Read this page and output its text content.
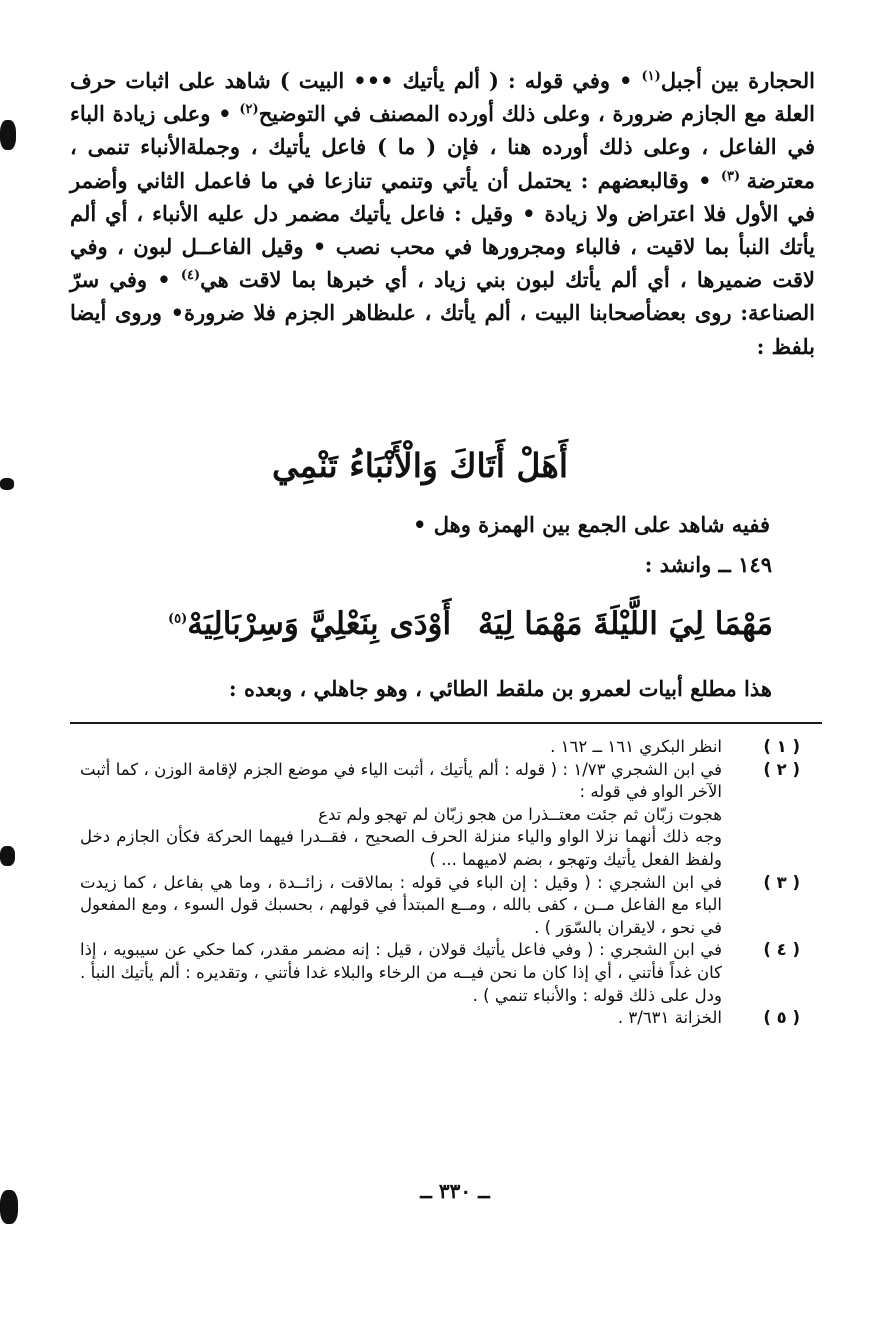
الحجارة بين أجبل$^{(١)}$ • وفي قوله : ( ألم يأتيك ••• البيت ) شاهد على اثبات حرف العلة مع الجازم ضرورة ، وعلى ذلك أورده المصنف في التوضيح$^{(٢)}$ • وعلى زيادة الباء في الفاعل ، وعلى ذلك أورده هنا ، فإن ( ما ) فاعل يأتيك ، وجملةالأنباء تنمى ، معترضة $^{(٣)}$ • وقالبعضهم : يحتمل أن يأتي وتنمي تنازعا في ما فاعمل الثاني وأضمر في الأول فلا اعتراض ولا زيادة • وقيل : فاعل يأتيك مضمر دل عليه الأنباء ، أي ألم يأتك النبأ بما لاقيت ، فالباء ومجرورها في محب نصب • وقيل الفاعــل لبون ، وفي لاقت ضميرها ، أي ألم يأتك لبون بني زياد ، أي خبرها بما لاقت هي$^{(٤)}$ • وفي سرّ الصناعة: روى بعضأصحابنا البيت ، ألم يأتك ، علىظاهر الجزم فلا ضرورة• وروى أيضا بلفظ :

أَهَلْ أَتَاكَ وَالْأَنْبَاءُ تَنْمِي
ففيه شاهد على الجمع بين الهمزة وهل •
١٤٩ ــ وانشد :
مَهْمَا لِيَ اللَّيْلَةَ مَهْمَا لِيَهْ
أَوْدَى بِنَعْلِيَّ وَسِرْبَالِيَهْ$^{(٥)}$
هذا مطلع أبيات لعمرو بن ملقط الطائي ، وهو جاهلي ، وبعده :
( ١ )

انظر البكري ١٦١ ــ ١٦٢ .

( ٢ )

في ابن الشجري ١/٧٣ : ( قوله : ألم يأتيك ، أثبت الياء في موضع الجزم لإقامة الوزن ، كما أثبت الآخر الواو في قوله :

هجوت زبّان ثم جئت معتــذرا من هجو زبّان لم تهجو ولم تدع

وجه ذلك أنهما نزلا الواو والياء منزلة الحرف الصحيح ، فقــدرا فيهما الحركة فكأن الجازم دخل ولفظ الفعل يأتيك وتهجو ، بضم لاميهما ... )

( ٣ )

في ابن الشجري : ( وقيل : إن الباء في قوله : بمالاقت ، زائــدة ، وما هي بفاعل ، كما زيدت الباء مع الفاعل مــن ، كفى بالله ، ومــع المبتدأ في قولهم ، بحسبك قول السوء ، ومع المفعول في نحو ، لايقران بالسّوَر ) .

( ٤ )

في ابن الشجري : ( وفي فاعل يأتيك قولان ، قيل : إنه مضمر مقدر، كما حكي عن سيبويه ، إذا كان غداً فأتني ، أي إذا كان ما نحن فيــه من الرخاء والبلاء غدا فأتني ، وتقديره : ألم يأتيك النبأ . ودل على ذلك قوله : والأنباء تنمي ) .

( ٥ )

الخزانة ٣/٦٣١ .

ــ ٣٣٠ ــ
